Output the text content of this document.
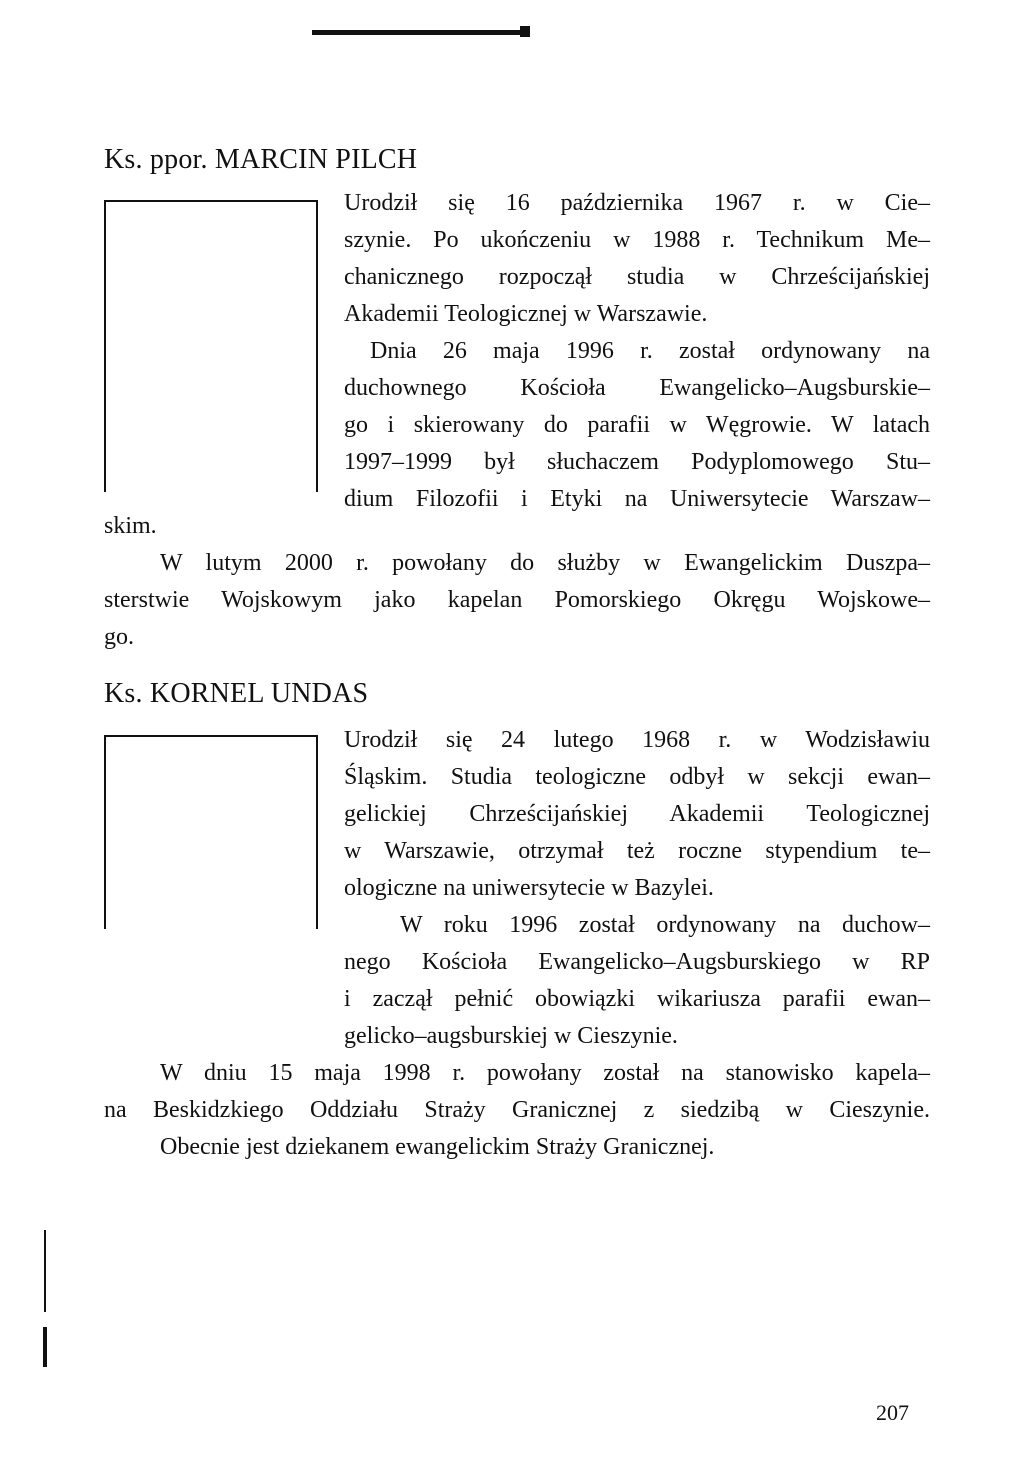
Ks. ppor. MARCIN PILCH
Urodził się 16 października 1967 r. w Cie–
szynie. Po ukończeniu w 1988 r. Technikum Me–
chanicznego rozpoczął studia w Chrześcijańskiej
Akademii Teologicznej w Warszawie.
Dnia 26 maja 1996 r. został ordynowany na
duchownego Kościoła Ewangelicko–Augsburskie–
go i skierowany do parafii w Węgrowie. W latach
1997–1999 był słuchaczem Podyplomowego Stu–
dium Filozofii i Etyki na Uniwersytecie Warszaw–
skim.
W lutym 2000 r. powołany do służby w Ewangelickim Duszpa–
sterstwie Wojskowym jako kapelan Pomorskiego Okręgu Wojskowe–
go.
Ks. KORNEL UNDAS
Urodził się 24 lutego 1968 r. w Wodzisławiu
Śląskim. Studia teologiczne odbył w sekcji ewan–
gelickiej Chrześcijańskiej Akademii Teologicznej
w Warszawie, otrzymał też roczne stypendium te–
ologiczne na uniwersytecie w Bazylei.
W roku 1996 został ordynowany na duchow–
nego Kościoła Ewangelicko–Augsburskiego w RP
i zaczął pełnić obowiązki wikariusza parafii ewan–
gelicko–augsburskiej w Cieszynie.
W dniu 15 maja 1998 r. powołany został na stanowisko kapela–
na Beskidzkiego Oddziału Straży Granicznej z siedzibą w Cieszynie.
Obecnie jest dziekanem ewangelickim Straży Granicznej.
207
